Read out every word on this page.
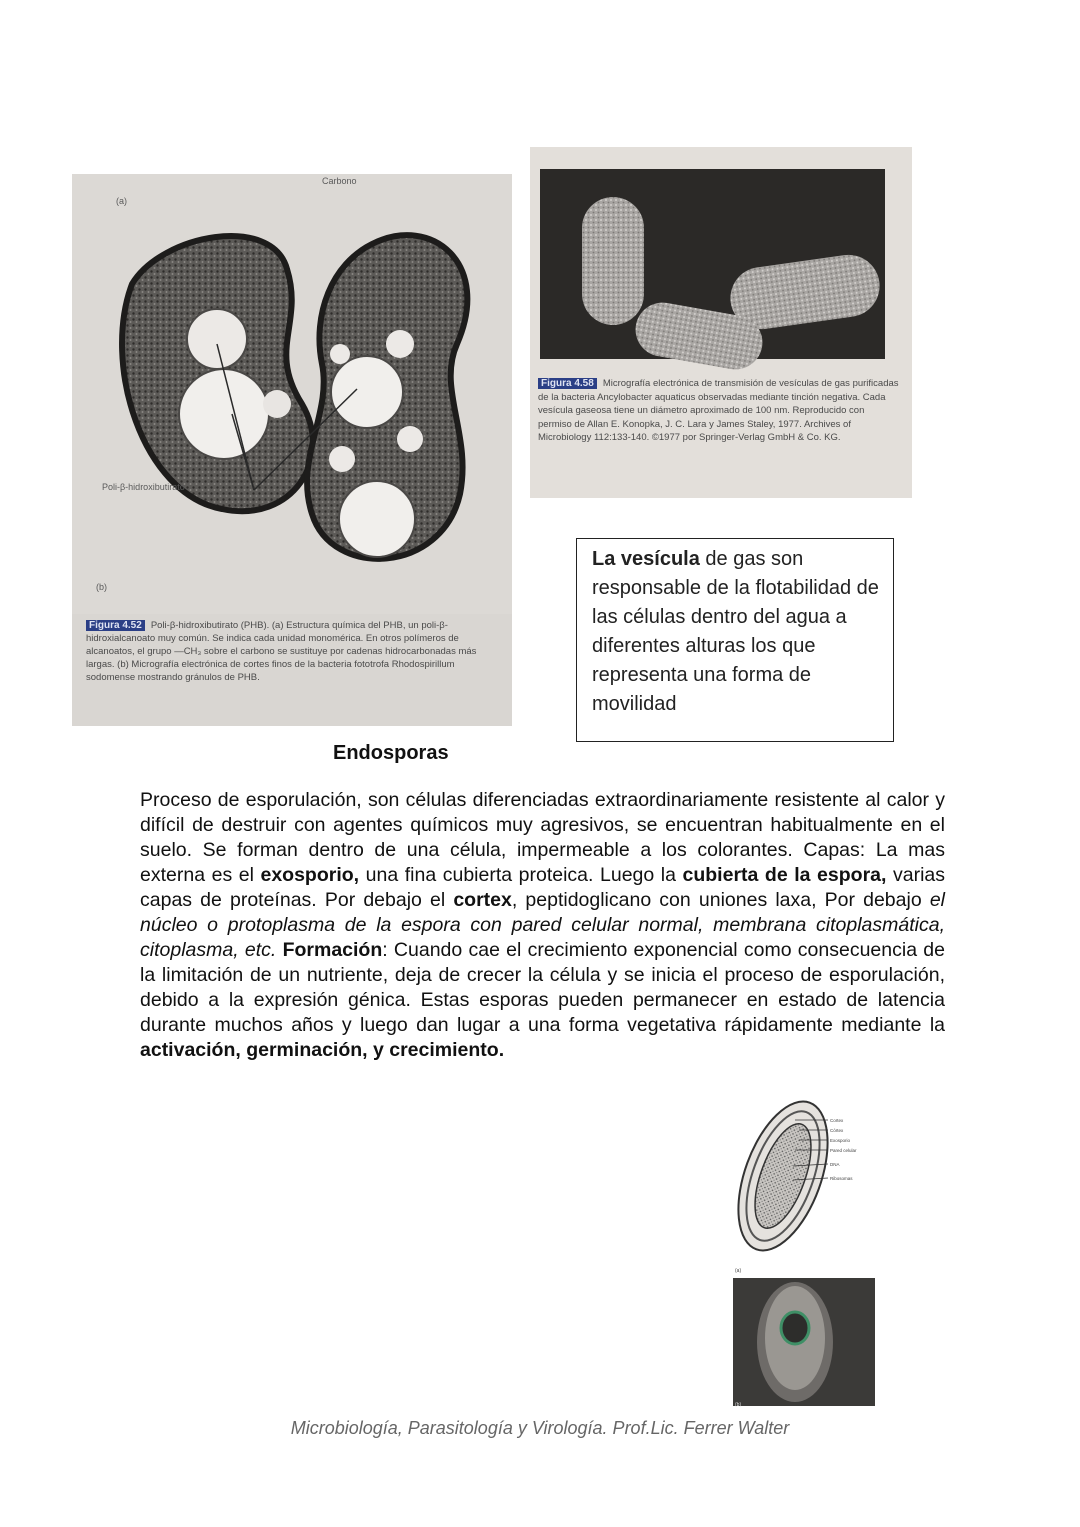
Carbono
(a)
Poli-β-hidroxibutirato
(b)
Figura 4.52 Poli-β-hidroxibutirato (PHB). (a) Estructura química del PHB, un poli-β-hidroxialcanoato muy común. Se indica cada unidad monomérica. En otros polímeros de alcanoatos, el grupo —CH₃ sobre el carbono se sustituye por cadenas hidrocarbonadas más largas. (b) Micrografía electrónica de cortes finos de la bacteria fototrofa Rhodospirillum sodomense mostrando gránulos de PHB.
Figura 4.58 Micrografía electrónica de transmisión de vesículas de gas purificadas de la bacteria Ancylobacter aquaticus observadas mediante tinción negativa. Cada vesícula gaseosa tiene un diámetro aproximado de 100 nm. Reproducido con permiso de Allan E. Konopka, J. C. Lara y James Staley, 1977. Archives of Microbiology 112:133-140. ©1977 por Springer-Verlag GmbH & Co. KG.
La vesícula de gas son responsable de la flotabilidad de las células dentro del agua a diferentes alturas los que representa una forma de movilidad
Endosporas
Proceso de esporulación, son células diferenciadas extraordinariamente resistente al calor y difícil de destruir con agentes químicos muy agresivos, se encuentran habitualmente en el suelo. Se forman dentro de una célula, impermeable a los colorantes. Capas: La mas externa es el exosporio, una fina cubierta proteica. Luego la cubierta de la espora, varias capas de proteínas. Por debajo el cortex, peptidoglicano con uniones laxa, Por debajo el núcleo o protoplasma de la espora con pared celular normal, membrana citoplasmática, citoplasma, etc. Formación: Cuando cae el crecimiento exponencial como consecuencia de la limitación de un nutriente, deja de crecer la célula y se inicia el proceso de esporulación, debido a la expresión génica. Estas esporas pueden permanecer en estado de latencia durante muchos años y luego dan lugar a una forma vegetativa rápidamente mediante la activación, germinación, y crecimiento.
Cortex
Córtex
Exosporio
Pared celular
DNA
Ribosomas
(a)
(b)
Microbiología, Parasitología y Virología. Prof.Lic. Ferrer Walter
